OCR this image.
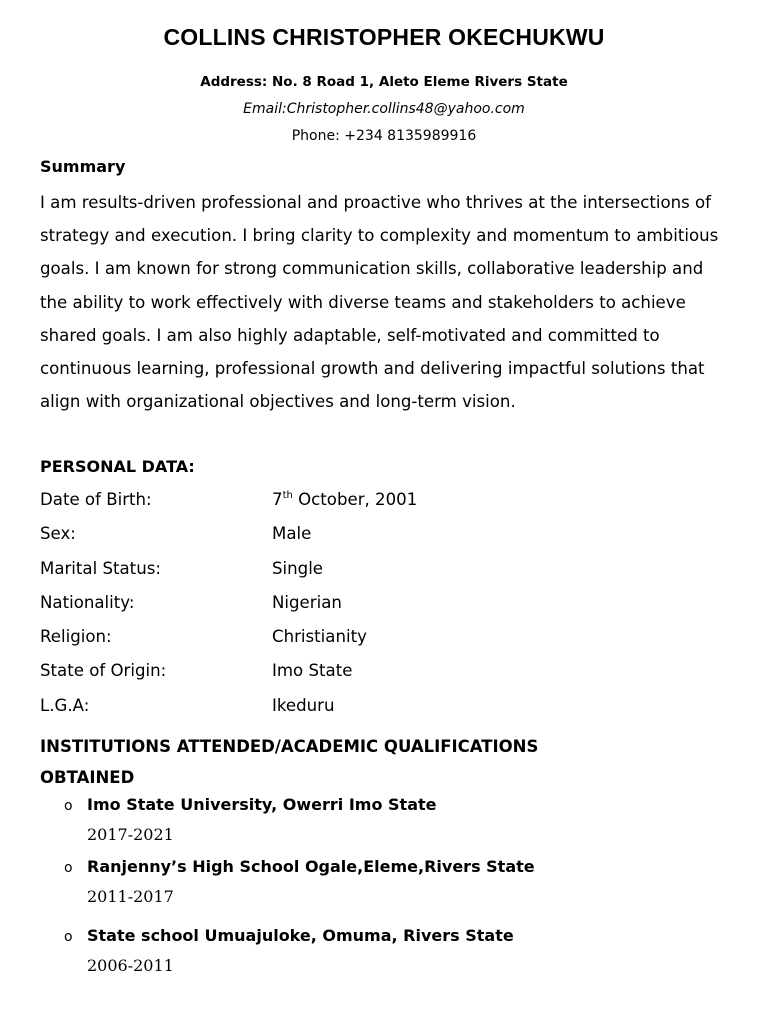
COLLINS CHRISTOPHER OKECHUKWU
Address: No. 8 Road 1, Aleto Eleme Rivers State
Email:Christopher.collins48@yahoo.com
Phone: +234 8135989916
Summary

I am results-driven professional and proactive who thrives at the intersections of
strategy and execution. I bring clarity to complexity and momentum to ambitious
goals. I am known for strong communication skills, collaborative leadership and
the ability to work effectively with diverse teams and stakeholders to achieve
shared goals. I am also highly adaptable, self-motivated and committed to
continuous learning, professional growth and delivering impactful solutions that
align with organizational objectives and long-term vision.

PERSONAL DATA:
Date of Birth:	7th October, 2001
Sex:	Male
Marital Status:	Single
Nationality:	Nigerian
Religion:	Christianity
State of Origin:	Imo State
L.G.A:	Ikeduru

INSTITUTIONS ATTENDED/ACADEMIC QUALIFICATIONS
OBTAINED

o Imo State University, Owerri Imo State
2017-2021
o Ranjenny’s High School Ogale,Eleme,Rivers State
2011-2017
o State school Umuajuloke, Omuma, Rivers State
2006-2011
